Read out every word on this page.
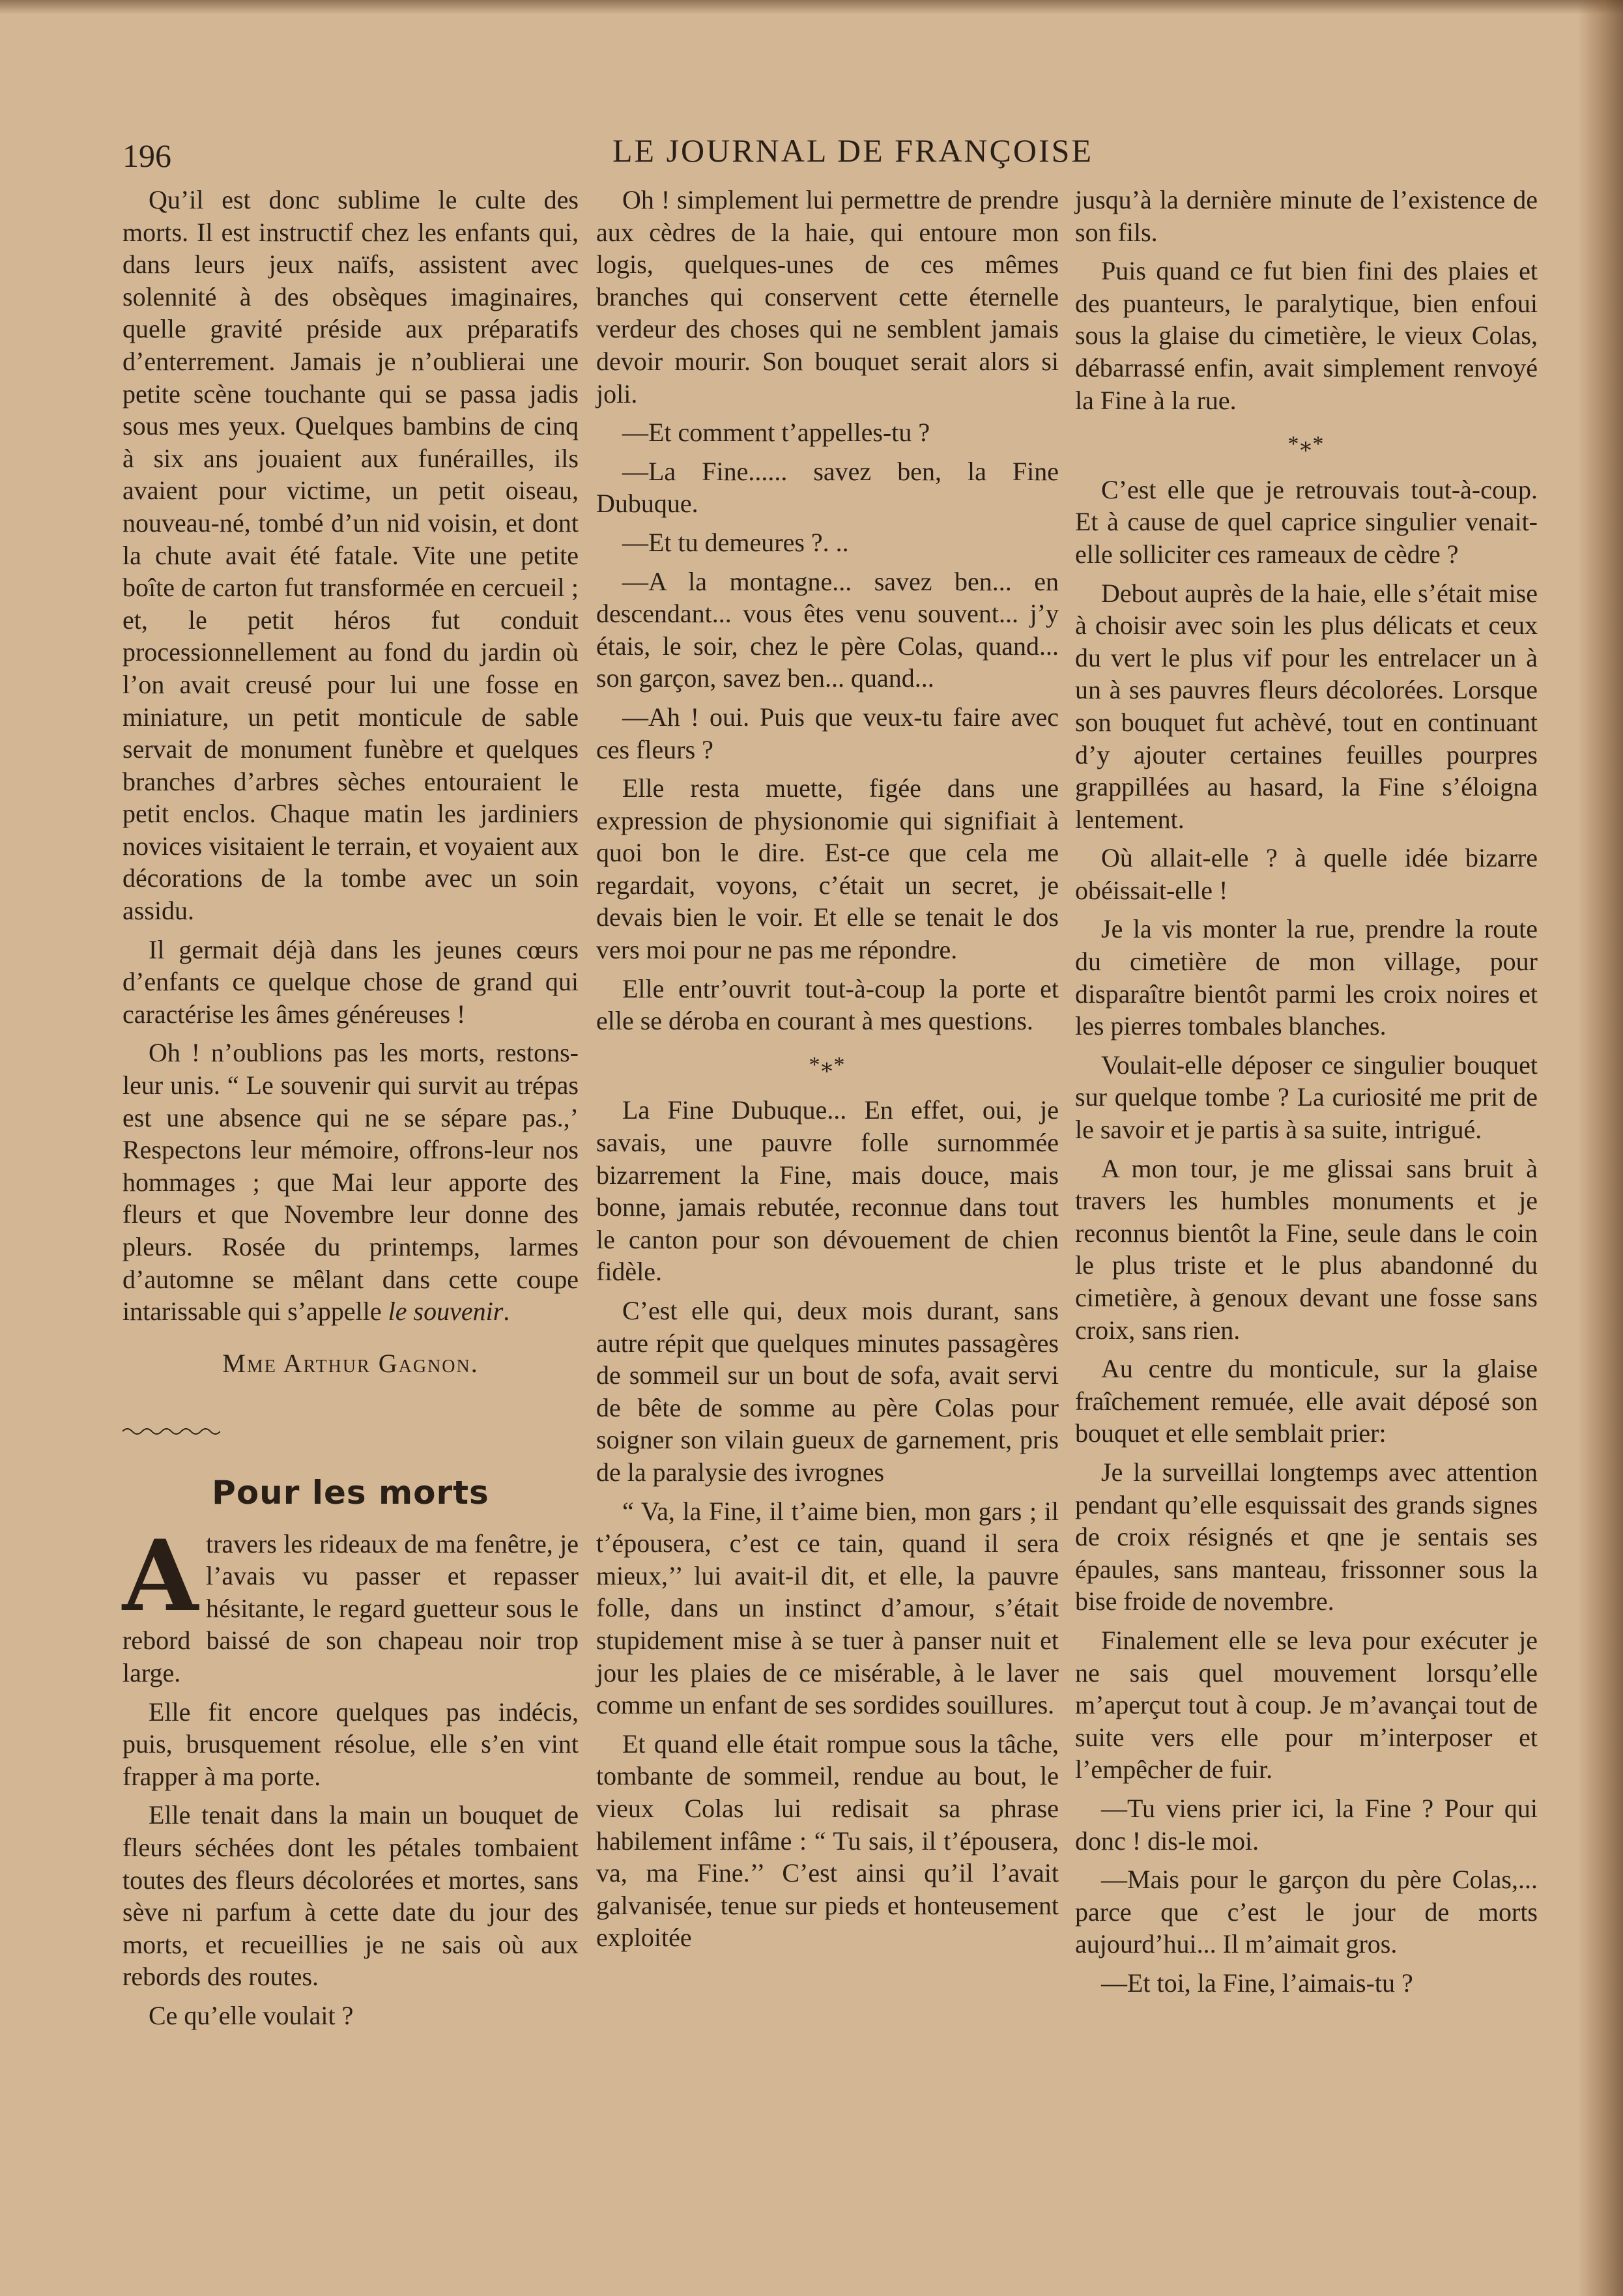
196	LE JOURNAL DE FRANÇOISE

Qu’il est donc sublime le culte des morts. Il est instructif chez les enfants qui, dans leurs jeux naïfs, assistent avec solennité à des obsèques imaginaires, quelle gravité préside aux préparatifs d’enterrement. Jamais je n’oublierai une petite scène touchante qui se passa jadis sous mes yeux. Quelques bambins de cinq à six ans jouaient aux funérailles, ils avaient pour victime, un petit oiseau, nouveau-né, tombé d’un nid voisin, et dont la chute avait été fatale. Vite une petite boîte de carton fut transformée en cercueil ; et, le petit héros fut conduit processionnellement au fond du jardin où l’on avait creusé pour lui une fosse en miniature, un petit monticule de sable servait de monument funèbre et quelques branches d’arbres sèches entouraient le petit enclos. Chaque matin les jardiniers novices visitaient le terrain, et voyaient aux décorations de la tombe avec un soin assidu.

Il germait déjà dans les jeunes cœurs d’enfants ce quelque chose de grand qui caractérise les âmes généreuses !

Oh ! n’oublions pas les morts, restons-leur unis. “ Le souvenir qui survit au trépas est une absence qui ne se sépare pas.,’ Respectons leur mémoire, offrons-leur nos hommages ; que Mai leur apporte des fleurs et que Novembre leur donne des pleurs. Rosée du printemps, larmes d’automne se mêlant dans cette coupe intarissable qui s’appelle le souvenir.

Mme Arthur Gagnon.
Pour les morts

Atravers les rideaux de ma fenêtre, je l’avais vu passer et repasser hésitante, le regard guetteur sous le rebord baissé de son chapeau noir trop large.

Elle fit encore quelques pas indécis, puis, brusquement résolue, elle s’en vint frapper à ma porte.

Elle tenait dans la main un bouquet de fleurs séchées dont les pétales tombaient toutes des fleurs décolorées et mortes, sans sève ni parfum à cette date du jour des morts, et recueillies je ne sais où aux rebords des routes.

Ce qu’elle voulait ?

Oh ! simplement lui permettre de prendre aux cèdres de la haie, qui entoure mon logis, quelques-unes de ces mêmes branches qui conservent cette éternelle verdeur des choses qui ne semblent jamais devoir mourir. Son bouquet serait alors si joli.

—Et comment t’appelles-tu ?

—La Fine...... savez ben, la Fine Dubuque.

—Et tu demeures ?. ..

—A la montagne... savez ben... en descendant... vous êtes venu souvent... j’y étais, le soir, chez le père Colas, quand... son garçon, savez ben... quand...

—Ah ! oui. Puis que veux-tu faire avec ces fleurs ?

Elle resta muette, figée dans une expression de physionomie qui signifiait à quoi bon le dire. Est-ce que cela me regardait, voyons, c’était un secret, je devais bien le voir. Et elle se tenait le dos vers moi pour ne pas me répondre.

Elle entr’ouvrit tout-à-coup la porte et elle se déroba en courant à mes questions.

*⁎*

La Fine Dubuque... En effet, oui, je savais, une pauvre folle surnommée bizarrement la Fine, mais douce, mais bonne, jamais rebutée, reconnue dans tout le canton pour son dévouement de chien fidèle.

C’est elle qui, deux mois durant, sans autre répit que quelques minutes passagères de sommeil sur un bout de sofa, avait servi de bête de somme au père Colas pour soigner son vilain gueux de garnement, pris de la paralysie des ivrognes

“ Va, la Fine, il t’aime bien, mon gars ; il t’épousera, c’est ce tain, quand il sera mieux,’’ lui avait-il dit, et elle, la pauvre folle, dans un instinct d’amour, s’était stupidement mise à se tuer à panser nuit et jour les plaies de ce misérable, à le laver comme un enfant de ses sordides souillures.

Et quand elle était rompue sous la tâche, tombante de sommeil, rendue au bout, le vieux Colas lui redisait sa phrase habilement infâme : “ Tu sais, il t’épousera, va, ma Fine.’’ C’est ainsi qu’il l’avait galvanisée, tenue sur pieds et honteusement exploitée

jusqu’à la dernière minute de l’existence de son fils.

Puis quand ce fut bien fini des plaies et des puanteurs, le paralytique, bien enfoui sous la glaise du cimetière, le vieux Colas, débarrassé enfin, avait simplement renvoyé la Fine à la rue.

*⁎*

C’est elle que je retrouvais tout-à-coup. Et à cause de quel caprice singulier venait-elle solliciter ces rameaux de cèdre ?

Debout auprès de la haie, elle s’était mise à choisir avec soin les plus délicats et ceux du vert le plus vif pour les entrelacer un à un à ses pauvres fleurs décolorées. Lorsque son bouquet fut achèvé, tout en continuant d’y ajouter certaines feuilles pourpres grappillées au hasard, la Fine s’éloigna lentement.

Où allait-elle ? à quelle idée bizarre obéissait-elle !

Je la vis monter la rue, prendre la route du cimetière de mon village, pour disparaître bientôt parmi les croix noires et les pierres tombales blanches.

Voulait-elle déposer ce singulier bouquet sur quelque tombe ? La curiosité me prit de le savoir et je partis à sa suite, intrigué.

A mon tour, je me glissai sans bruit à travers les humbles monuments et je reconnus bientôt la Fine, seule dans le coin le plus triste et le plus abandonné du cimetière, à genoux devant une fosse sans croix, sans rien.

Au centre du monticule, sur la glaise fraîchement remuée, elle avait déposé son bouquet et elle semblait prier:

Je la surveillai longtemps avec attention pendant qu’elle esquissait des grands signes de croix résignés et qne je sentais ses épaules, sans manteau, frissonner sous la bise froide de novembre.

Finalement elle se leva pour exécuter je ne sais quel mouvement lorsqu’elle m’aperçut tout à coup. Je m’avançai tout de suite vers elle pour m’interposer et l’empêcher de fuir.

—Tu viens prier ici, la Fine ? Pour qui donc ! dis-le moi.

—Mais pour le garçon du père Colas,... parce que c’est le jour de morts aujourd’hui... Il m’aimait gros.

—Et toi, la Fine, l’aimais-tu ?
